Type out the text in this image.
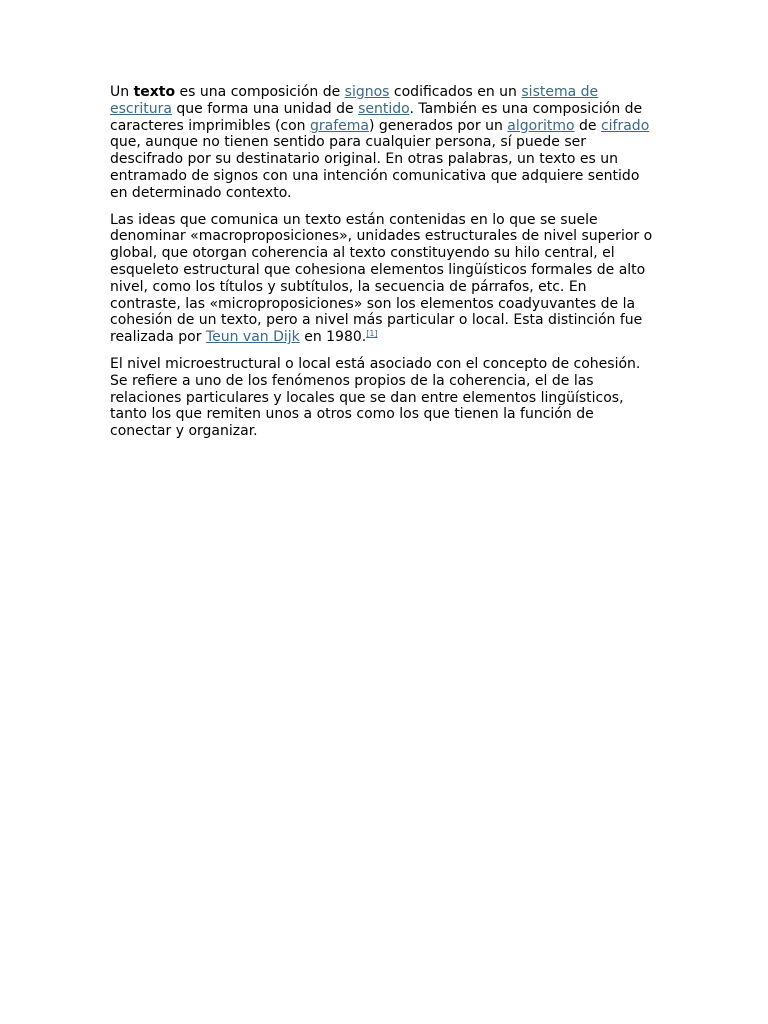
Un texto es una composición de signos codificados en un sistema de escritura que forma una unidad de sentido. También es una composición de caracteres imprimibles (con grafema) generados por un algoritmo de cifrado que, aunque no tienen sentido para cualquier persona, sí puede ser descifrado por su destinatario original. En otras palabras, un texto es un entramado de signos con una intención comunicativa que adquiere sentido en determinado contexto.

Las ideas que comunica un texto están contenidas en lo que se suele denominar «macroproposiciones», unidades estructurales de nivel superior o global, que otorgan coherencia al texto constituyendo su hilo central, el esqueleto estructural que cohesiona elementos lingüísticos formales de alto nivel, como los títulos y subtítulos, la secuencia de párrafos, etc. En contraste, las «microproposiciones» son los elementos coadyuvantes de la cohesión de un texto, pero a nivel más particular o local. Esta distinción fue realizada por Teun van Dijk en 1980.[1]

El nivel microestructural o local está asociado con el concepto de cohesión. Se refiere a uno de los fenómenos propios de la coherencia, el de las relaciones particulares y locales que se dan entre elementos lingüísticos, tanto los que remiten unos a otros como los que tienen la función de conectar y organizar.
